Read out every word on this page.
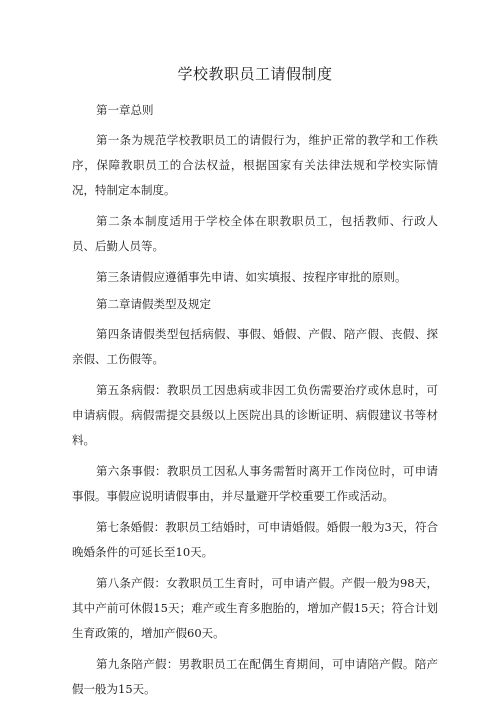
学校教职员工请假制度

第一章总则

第一条为规范学校教职员工的请假行为，维护正常的教学和工作秩序，保障教职员工的合法权益，根据国家有关法律法规和学校实际情况，特制定本制度。

第二条本制度适用于学校全体在职教职员工，包括教师、行政人员、后勤人员等。

第三条请假应遵循事先申请、如实填报、按程序审批的原则。

第二章请假类型及规定

第四条请假类型包括病假、事假、婚假、产假、陪产假、丧假、探亲假、工伤假等。

第五条病假：教职员工因患病或非因工负伤需要治疗或休息时，可申请病假。病假需提交县级以上医院出具的诊断证明、病假建议书等材料。

第六条事假：教职员工因私人事务需暂时离开工作岗位时，可申请事假。事假应说明请假事由，并尽量避开学校重要工作或活动。

第七条婚假：教职员工结婚时，可申请婚假。婚假一般为3天，符合晚婚条件的可延长至10天。

第八条产假：女教职员工生育时，可申请产假。产假一般为98天，其中产前可休假15天；难产或生育多胞胎的，增加产假15天；符合计划生育政策的，增加产假60天。

第九条陪产假：男教职员工在配偶生育期间，可申请陪产假。陪产假一般为15天。
